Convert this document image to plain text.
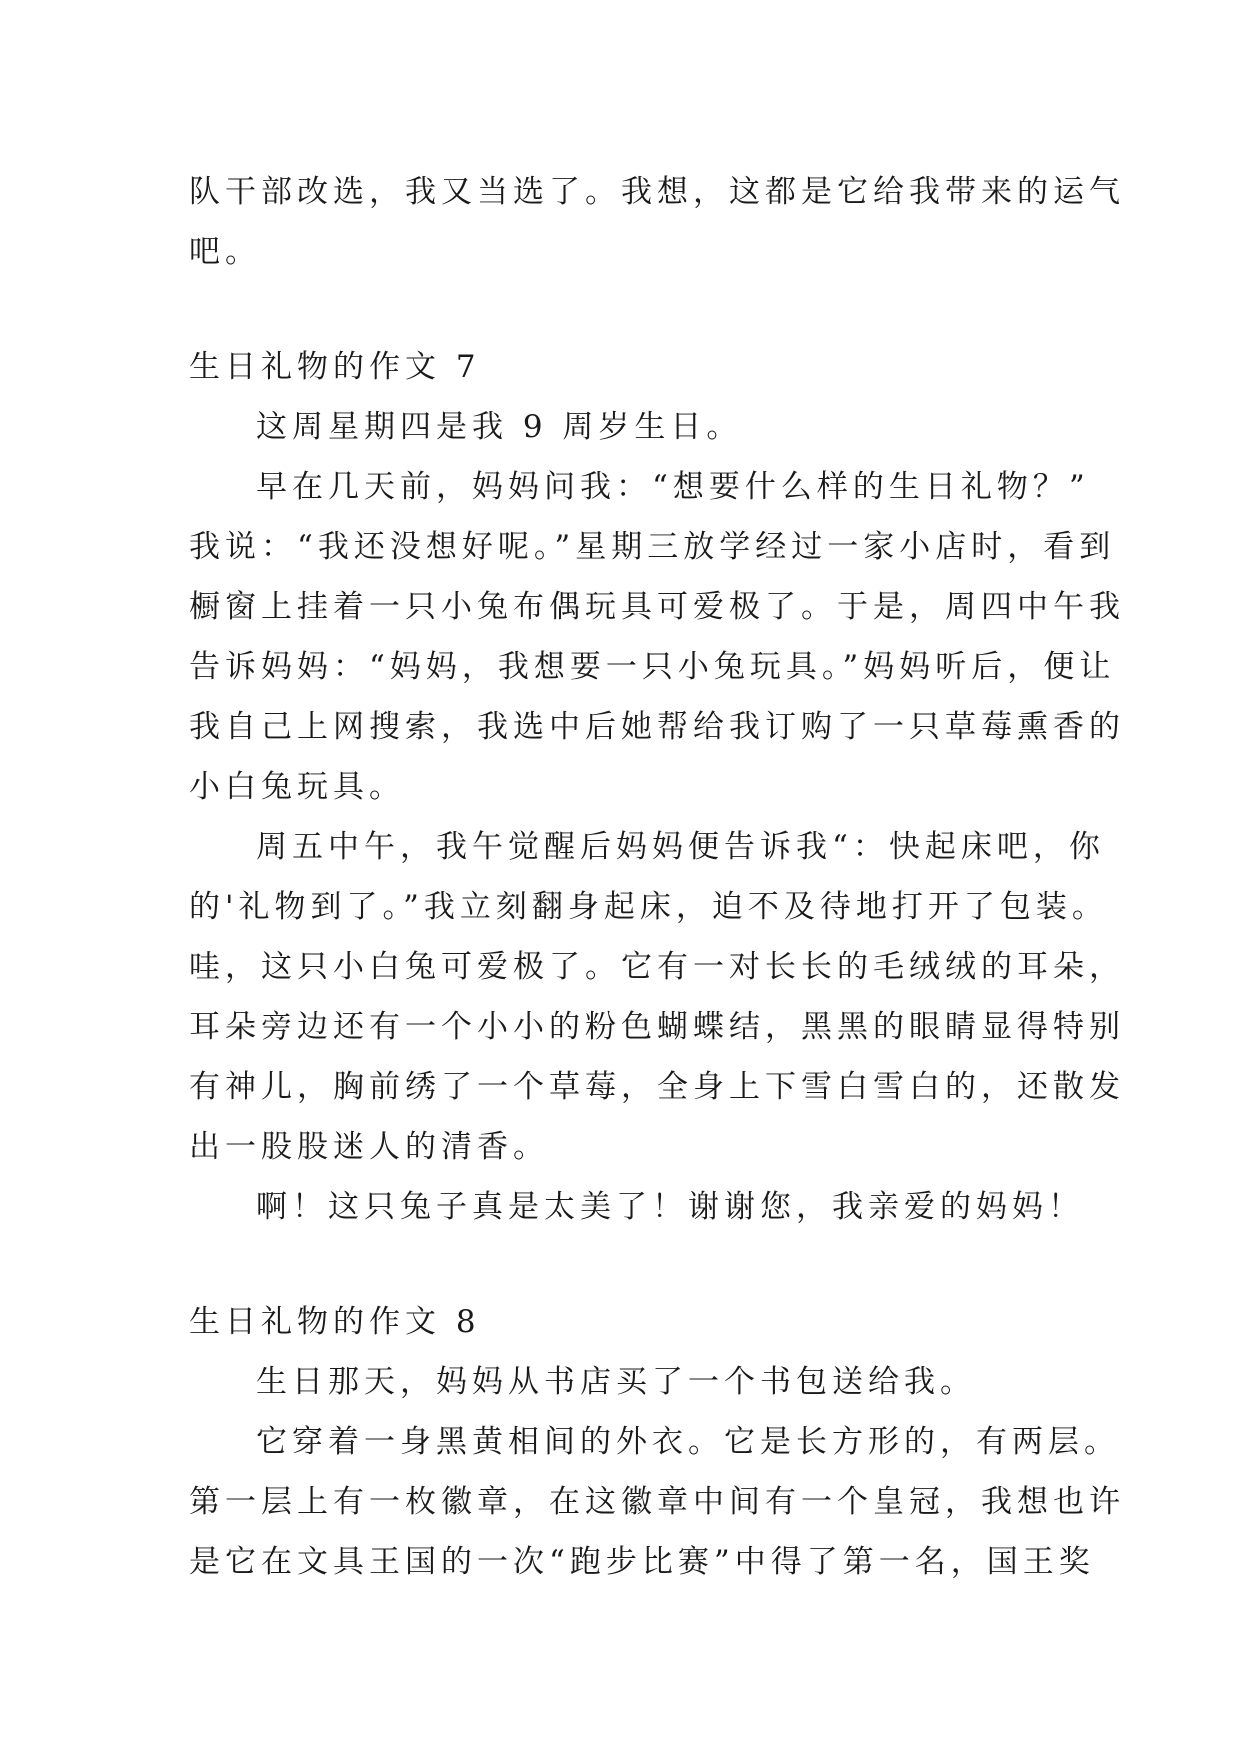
队干部改选，我又当选了。我想，这都是它给我带来的运气
吧。
生日礼物的作文 7
这周星期四是我 9 周岁生日。
早在几天前，妈妈问我：“想要什么样的生日礼物？”
我说：“我还没想好呢。”星期三放学经过一家小店时，看到
橱窗上挂着一只小兔布偶玩具可爱极了。于是，周四中午我
告诉妈妈：“妈妈，我想要一只小兔玩具。”妈妈听后，便让
我自己上网搜索，我选中后她帮给我订购了一只草莓熏香的
小白兔玩具。
周五中午，我午觉醒后妈妈便告诉我“：快起床吧，你
的'礼物到了。”我立刻翻身起床，迫不及待地打开了包装。
哇，这只小白兔可爱极了。它有一对长长的毛绒绒的耳朵，
耳朵旁边还有一个小小的粉色蝴蝶结，黑黑的眼睛显得特别
有神儿，胸前绣了一个草莓，全身上下雪白雪白的，还散发
出一股股迷人的清香。
啊！这只兔子真是太美了！谢谢您，我亲爱的妈妈！
生日礼物的作文 8
生日那天，妈妈从书店买了一个书包送给我。
它穿着一身黑黄相间的外衣。它是长方形的，有两层。
第一层上有一枚徽章，在这徽章中间有一个皇冠，我想也许
是它在文具王国的一次“跑步比赛”中得了第一名，国王奖
